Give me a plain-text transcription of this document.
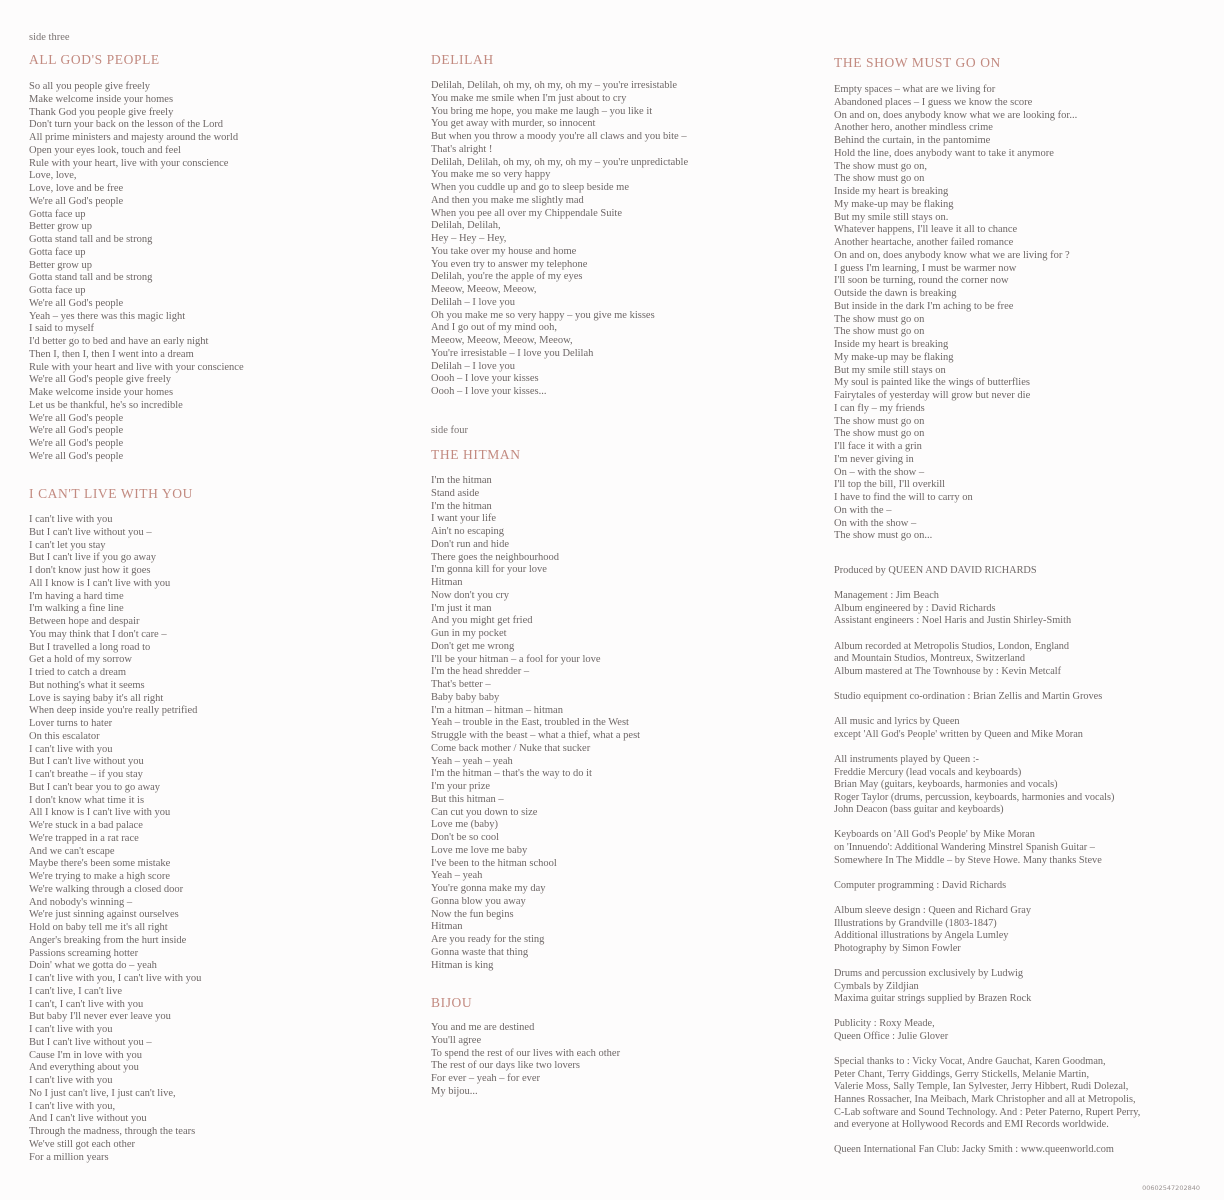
side three
ALL GOD'S PEOPLE
So all you people give freely
Make welcome inside your homes
Thank God you people give freely
Don't turn your back on the lesson of the Lord
All prime ministers and majesty around the world
Open your eyes look, touch and feel
Rule with your heart, live with your conscience
Love, love,
Love, love and be free
We're all God's people
Gotta face up
Better grow up
Gotta stand tall and be strong
Gotta face up
Better grow up
Gotta stand tall and be strong
Gotta face up
We're all God's people
Yeah – yes there was this magic light
I said to myself
I'd better go to bed and have an early night
Then I, then I, then I went into a dream
Rule with your heart and live with your conscience
We're all God's people give freely
Make welcome inside your homes
Let us be thankful, he's so incredible
We're all God's people
We're all God's people
We're all God's people
We're all God's people
I CAN'T LIVE WITH YOU
I can't live with you
But I can't live without you –
I can't let you stay
But I can't live if you go away
I don't know just how it goes
All I know is I can't live with you
I'm having a hard time
I'm walking a fine line
Between hope and despair
You may think that I don't care –
But I travelled a long road to
Get a hold of my sorrow
I tried to catch a dream
But nothing's what it seems
Love is saying baby it's all right
When deep inside you're really petrified
Lover turns to hater
On this escalator
I can't live with you
But I can't live without you
I can't breathe – if you stay
But I can't bear you to go away
I don't know what time it is
All I know is I can't live with you
We're stuck in a bad palace
We're trapped in a rat race
And we can't escape
Maybe there's been some mistake
We're trying to make a high score
We're walking through a closed door
And nobody's winning –
We're just sinning against ourselves
Hold on baby tell me it's all right
Anger's breaking from the hurt inside
Passions screaming hotter
Doin' what we gotta do – yeah
I can't live with you, I can't live with you
I can't live, I can't live
I can't, I can't live with you
But baby I'll never ever leave you
I can't live with you
But I can't live without you –
Cause I'm in love with you
And everything about you
I can't live with you
No I just can't live, I just can't live,
I can't live with you,
And I can't live without you
Through the madness, through the tears
We've still got each other
For a million years
DELILAH
Delilah, Delilah, oh my, oh my, oh my – you're irresistable
You make me smile when I'm just about to cry
You bring me hope, you make me laugh – you like it
You get away with murder, so innocent
But when you throw a moody you're all claws and you bite –
That's alright !
Delilah, Delilah, oh my, oh my, oh my – you're unpredictable
You make me so very happy
When you cuddle up and go to sleep beside me
And then you make me slightly mad
When you pee all over my Chippendale Suite
Delilah, Delilah,
Hey – Hey – Hey,
You take over my house and home
You even try to answer my telephone
Delilah, you're the apple of my eyes
Meeow, Meeow, Meeow,
Delilah – I love you
Oh you make me so very happy – you give me kisses
And I go out of my mind ooh,
Meeow, Meeow, Meeow, Meeow,
You're irresistable – I love you Delilah
Delilah – I love you
Oooh – I love your kisses
Oooh – I love your kisses...
side four
THE HITMAN
I'm the hitman
Stand aside
I'm the hitman
I want your life
Ain't no escaping
Don't run and hide
There goes the neighbourhood
I'm gonna kill for your love
Hitman
Now don't you cry
I'm just it man
And you might get fried
Gun in my pocket
Don't get me wrong
I'll be your hitman – a fool for your love
I'm the head shredder –
That's better –
Baby baby baby
I'm a hitman – hitman – hitman
Yeah – trouble in the East, troubled in the West
Struggle with the beast – what a thief, what a pest
Come back mother / Nuke that sucker
Yeah – yeah – yeah
I'm the hitman – that's the way to do it
I'm your prize
But this hitman –
Can cut you down to size
Love me (baby)
Don't be so cool
Love me love me baby
I've been to the hitman school
Yeah – yeah
You're gonna make my day
Gonna blow you away
Now the fun begins
Hitman
Are you ready for the sting
Gonna waste that thing
Hitman is king
BIJOU
You and me are destined
You'll agree
To spend the rest of our lives with each other
The rest of our days like two lovers
For ever – yeah – for ever
My bijou...
THE SHOW MUST GO ON
Empty spaces – what are we living for
Abandoned places – I guess we know the score
On and on, does anybody know what we are looking for...
Another hero, another mindless crime
Behind the curtain, in the pantomime
Hold the line, does anybody want to take it anymore
The show must go on,
The show must go on
Inside my heart is breaking
My make-up may be flaking
But my smile still stays on.
Whatever happens, I'll leave it all to chance
Another heartache, another failed romance
On and on, does anybody know what we are living for ?
I guess I'm learning, I must be warmer now
I'll soon be turning, round the corner now
Outside the dawn is breaking
But inside in the dark I'm aching to be free
The show must go on
The show must go on
Inside my heart is breaking
My make-up may be flaking
But my smile still stays on
My soul is painted like the wings of butterflies
Fairytales of yesterday will grow but never die
I can fly – my friends
The show must go on
The show must go on
I'll face it with a grin
I'm never giving in
On – with the show –
I'll top the bill, I'll overkill
I have to find the will to carry on
On with the –
On with the show –
The show must go on...

Produced by QUEEN AND DAVID RICHARDS

Management : Jim Beach
Album engineered by : David Richards
Assistant engineers : Noel Haris and Justin Shirley-Smith

Album recorded at Metropolis Studios, London, England
and Mountain Studios, Montreux, Switzerland
Album mastered at The Townhouse by : Kevin Metcalf

Studio equipment co-ordination : Brian Zellis and Martin Groves

All music and lyrics by Queen
except 'All God's People' written by Queen and Mike Moran

All instruments played by Queen :-
Freddie Mercury (lead vocals and keyboards)
Brian May (guitars, keyboards, harmonies and vocals)
Roger Taylor (drums, percussion, keyboards, harmonies and vocals)
John Deacon (bass guitar and keyboards)

Keyboards on 'All God's People' by Mike Moran
on 'Innuendo': Additional Wandering Minstrel Spanish Guitar –
Somewhere In The Middle – by Steve Howe. Many thanks Steve

Computer programming : David Richards

Album sleeve design : Queen and Richard Gray
Illustrations by Grandville (1803-1847)
Additional illustrations by Angela Lumley
Photography by Simon Fowler

Drums and percussion exclusively by Ludwig
Cymbals by Zildjian
Maxima guitar strings supplied by Brazen Rock

Publicity : Roxy Meade,
Queen Office : Julie Glover

Special thanks to : Vicky Vocat, Andre Gauchat, Karen Goodman,
Peter Chant, Terry Giddings, Gerry Stickells, Melanie Martin,
Valerie Moss, Sally Temple, Ian Sylvester, Jerry Hibbert, Rudi Dolezal,
Hannes Rossacher, Ina Meibach, Mark Christopher and all at Metropolis,
C-Lab software and Sound Technology. And : Peter Paterno, Rupert Perry,
and everyone at Hollywood Records and EMI Records worldwide.

Queen International Fan Club: Jacky Smith : www.queenworld.com

00602547202840
